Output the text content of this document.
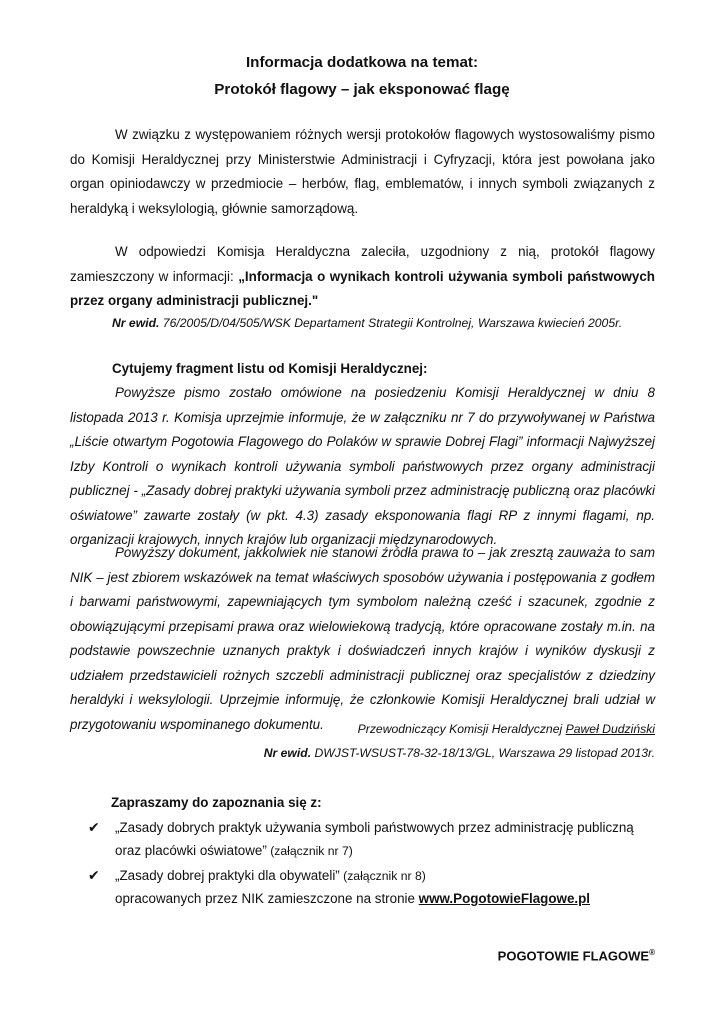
Informacja dodatkowa na temat:
Protokół flagowy – jak eksponować flagę
W związku z występowaniem różnych wersji protokołów flagowych wystosowaliśmy pismo do Komisji Heraldycznej przy Ministerstwie Administracji i Cyfryzacji, która jest powołana jako organ opiniodawczy w przedmiocie – herbów, flag, emblematów, i innych symboli związanych z heraldyką i weksylologią, głównie samorządową.
W odpowiedzi Komisja Heraldyczna zaleciła, uzgodniony z nią, protokół flagowy zamieszczony w informacji: „Informacja o wynikach kontroli używania symboli państwowych przez organy administracji publicznej."
Nr ewid. 76/2005/D/04/505/WSK Departament Strategii Kontrolnej, Warszawa kwiecień 2005r.
Cytujemy fragment listu od Komisji Heraldycznej:
Powyższe pismo zostało omówione na posiedzeniu Komisji Heraldycznej w dniu 8 listopada 2013 r. Komisja uprzejmie informuje, że w załączniku nr 7 do przywoływanej w Państwa „Liście otwartym Pogotowia Flagowego do Polaków w sprawie Dobrej Flagi” informacji Najwyższej Izby Kontroli o wynikach kontroli używania symboli państwowych przez organy administracji publicznej - „Zasady dobrej praktyki używania symboli przez administrację publiczną oraz placówki oświatowe” zawarte zostały (w pkt. 4.3) zasady eksponowania flagi RP z innymi flagami, np. organizacji krajowych, innych krajów lub organizacji międzynarodowych.
Powyższy dokument, jakkolwiek nie stanowi źródła prawa to – jak zresztą zauważa to sam NIK – jest zbiorem wskazówek na temat właściwych sposobów używania i postępowania z godłem i barwami państwowymi, zapewniających tym symbolom należną cześć i szacunek, zgodnie z obowiązującymi przepisami prawa oraz wielowiekową tradycją, które opracowane zostały m.in. na podstawie powszechnie uznanych praktyk i doświadczeń innych krajów i wyników dyskusji z udziałem przedstawicieli rożnych szczebli administracji publicznej oraz specjalistów z dziedziny heraldyki i weksylologii. Uprzejmie informuję, że członkowie Komisji Heraldycznej brali udział w przygotowaniu wspominanego dokumentu.	Przewodniczący Komisji Heraldycznej Paweł Dudziński
Nr ewid. DWJST-WSUST-78-32-18/13/GL, Warszawa 29 listopad 2013r.
Zapraszamy do zapoznania się z:
✔ „Zasady dobrych praktyk używania symboli państwowych przez administrację publiczną
oraz placówki oświatowe” (załącznik nr 7)
✔ „Zasady dobrej praktyki dla obywateli” (załącznik nr 8)
opracowanych przez NIK zamieszczone na stronie www.PogotowieFlagowe.pl
POGOTOWIE FLAGOWE®
